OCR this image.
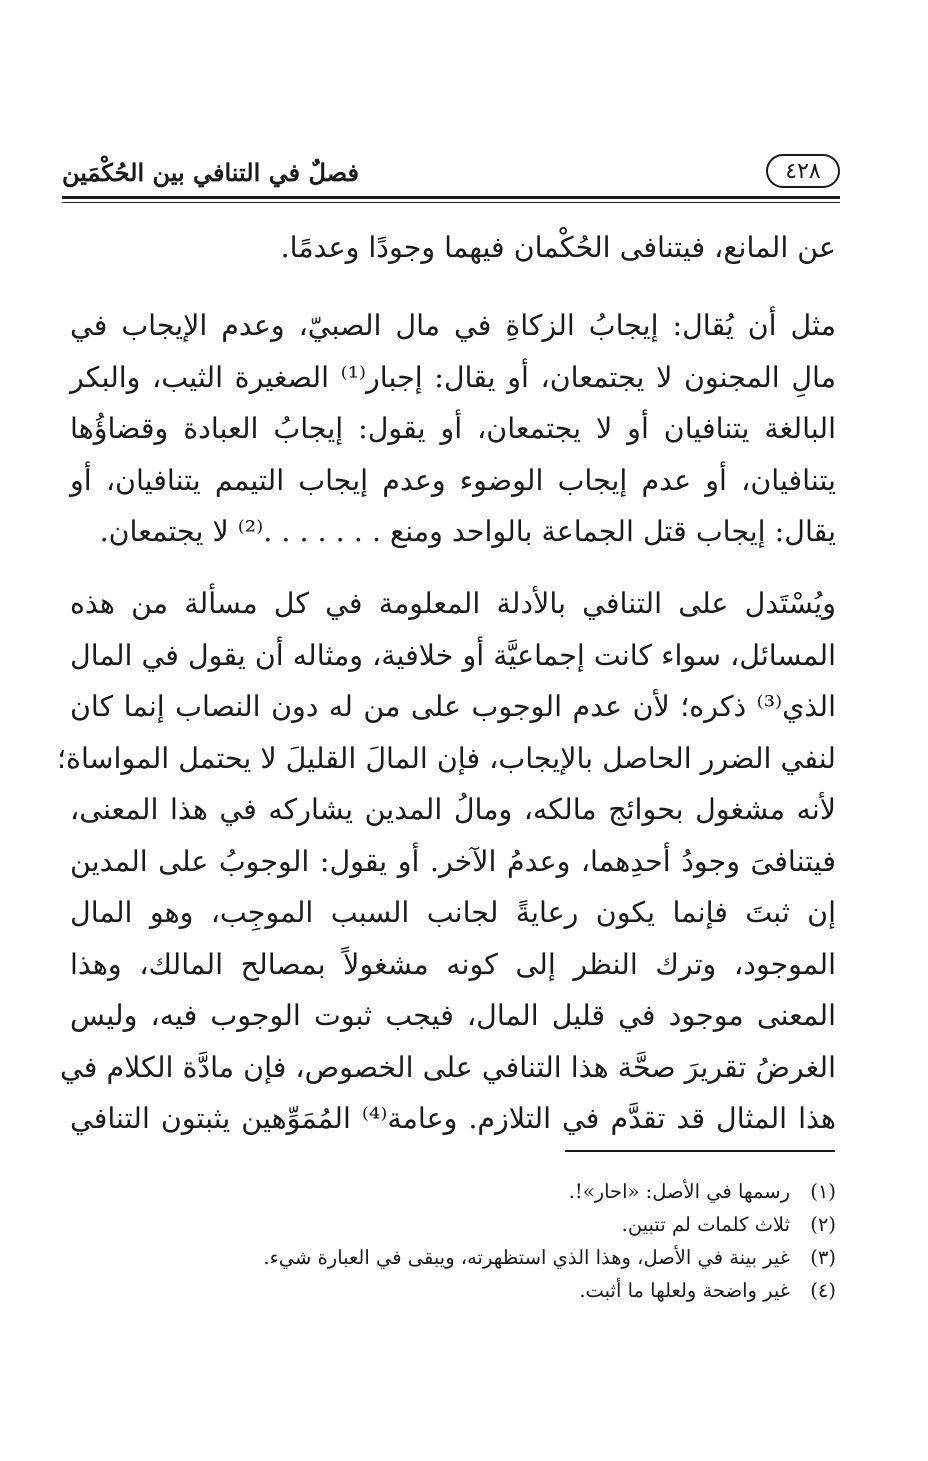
٤٢٨
فصلٌ في التنافي بين الحُكْمَين
عن المانع، فيتنافى الحُكْمان فيهما وجودًا وعدمًا.
مثل أن يُقال: إيجابُ الزكاةِ في مال الصبيّ، وعدم الإيجاب في
مالِ المجنون لا يجتمعان، أو يقال: إجبار⁽¹⁾ الصغيرة الثيب، والبكر
البالغة يتنافيان أو لا يجتمعان، أو يقول: إيجابُ العبادة وقضاؤُها
يتنافيان، أو عدم إيجاب الوضوء وعدم إيجاب التيمم يتنافيان، أو
يقال: إيجاب قتل الجماعة بالواحد ومنع . . . . . . .⁽²⁾ لا يجتمعان.
ويُسْتَدل على التنافي بالأدلة المعلومة في كل مسألة من هذه
المسائل، سواء كانت إجماعيَّة أو خلافية، ومثاله أن يقول في المال
الذي⁽³⁾ ذكره؛ لأن عدم الوجوب على من له دون النصاب إنما كان
لنفي الضرر الحاصل بالإيجاب، فإن المالَ القليلَ لا يحتمل المواساة؛
لأنه مشغول بحوائج مالكه، ومالُ المدين يشاركه في هذا المعنى،
فيتنافىَ وجودُ أحدِهما، وعدمُ الآخر. أو يقول: الوجوبُ على المدين
إن ثبتَ فإنما يكون رعايةً لجانب السبب الموجِب، وهو المال
الموجود، وترك النظر إلى كونه مشغولاً بمصالح المالك، وهذا
المعنى موجود في قليل المال، فيجب ثبوت الوجوب فيه، وليس
الغرضُ تقريرَ صحَّة هذا التنافي على الخصوص، فإن مادَّة الكلام في
هذا المثال قد تقدَّم في التلازم. وعامة⁽⁴⁾ المُمَوِّهين يثبتون التنافي
(١)
رسمها في الأصل: «احار»!.
(٢)
ثلاث كلمات لم تتبين.
(٣)
غير بينة في الأصل، وهذا الذي استظهرته، ويبقى في العبارة شيء.
(٤)
غير واضحة ولعلها ما أثبت.
